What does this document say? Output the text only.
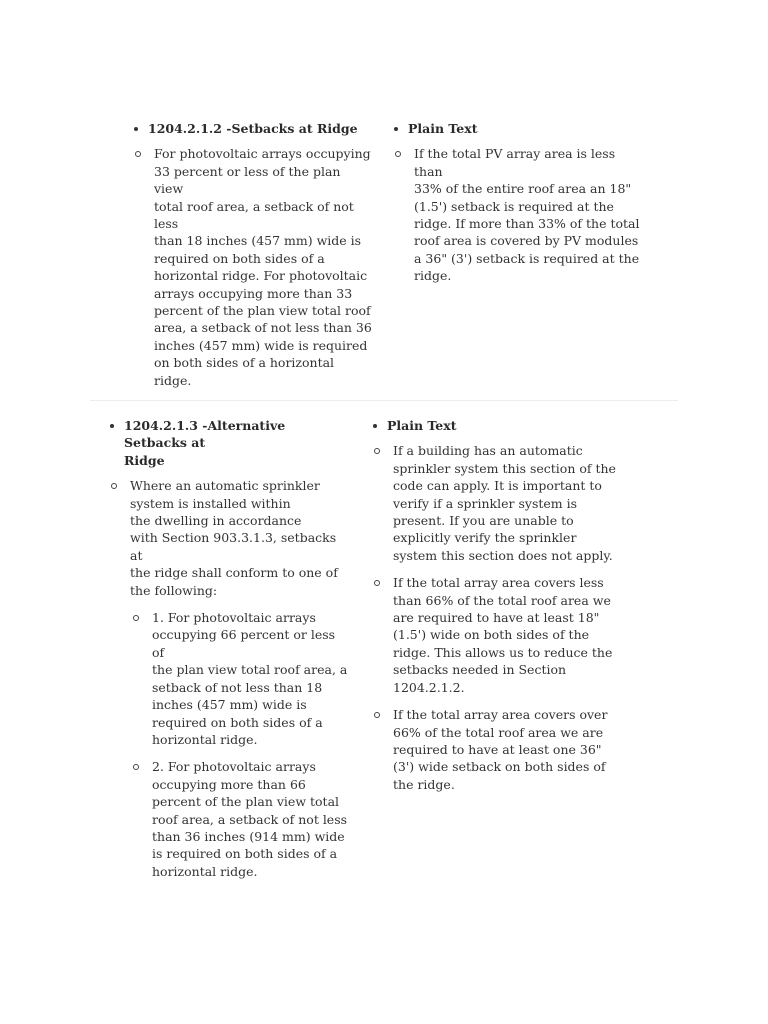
1204.2.1.2 -Setbacks at Ridge
For photovoltaic arrays occupying
33 percent or less of the plan view
total roof area, a setback of not less
than 18 inches (457 mm) wide is
required on both sides of a
horizontal ridge. For photovoltaic
arrays occupying more than 33
percent of the plan view total roof
area, a setback of not less than 36
inches (457 mm) wide is required
on both sides of a horizontal ridge.
Plain Text
If the total PV array area is less than
33% of the entire roof area an 18"
(1.5') setback is required at the
ridge. If more than 33% of the total
roof area is covered by PV modules
a 36" (3') setback is required at the
ridge.
1204.2.1.3 -Alternative Setbacks at
Ridge
Where an automatic sprinkler
system is installed within
the dwelling in accordance
with Section 903.3.1.3, setbacks at
the ridge shall conform to one of
the following:
1. For photovoltaic arrays
occupying 66 percent or less of
the plan view total roof area, a
setback of not less than 18
inches (457 mm) wide is
required on both sides of a
horizontal ridge.
2. For photovoltaic arrays
occupying more than 66
percent of the plan view total
roof area, a setback of not less
than 36 inches (914 mm) wide
is required on both sides of a
horizontal ridge.
Plain Text
If a building has an automatic
sprinkler system this section of the
code can apply. It is important to
verify if a sprinkler system is
present. If you are unable to
explicitly verify the sprinkler
system this section does not apply.
If the total array area covers less
than 66% of the total roof area we
are required to have at least 18"
(1.5') wide on both sides of the
ridge. This allows us to reduce the
setbacks needed in Section
1204.2.1.2.
If the total array area covers over
66% of the total roof area we are
required to have at least one 36"
(3') wide setback on both sides of
the ridge.
